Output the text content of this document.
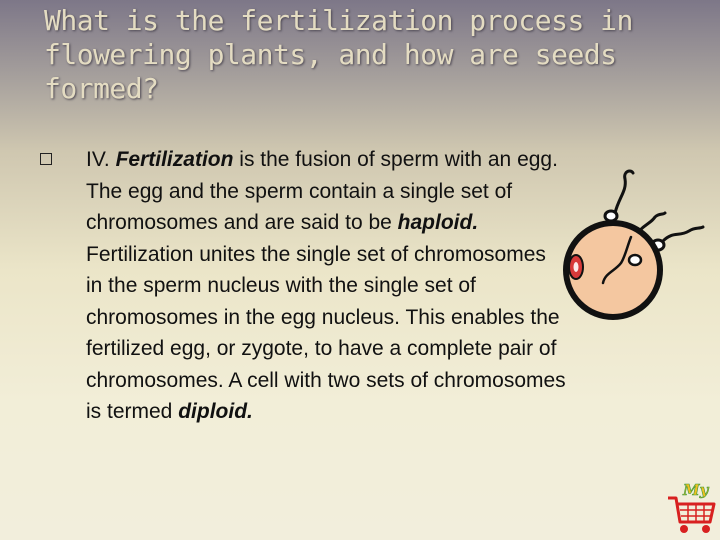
What is the fertilization process in flowering plants, and how are seeds formed?
IV. Fertilization is the fusion of sperm with an egg. The egg and the sperm contain a single set of chromosomes and are said to be haploid. Fertilization unites the single set of chromosomes in the sperm nucleus with the single set of chromosomes in the egg nucleus. This enables the fertilized egg, or zygote, to have a complete pair of chromosomes. A cell with two sets of chromosomes is termed diploid.
My
